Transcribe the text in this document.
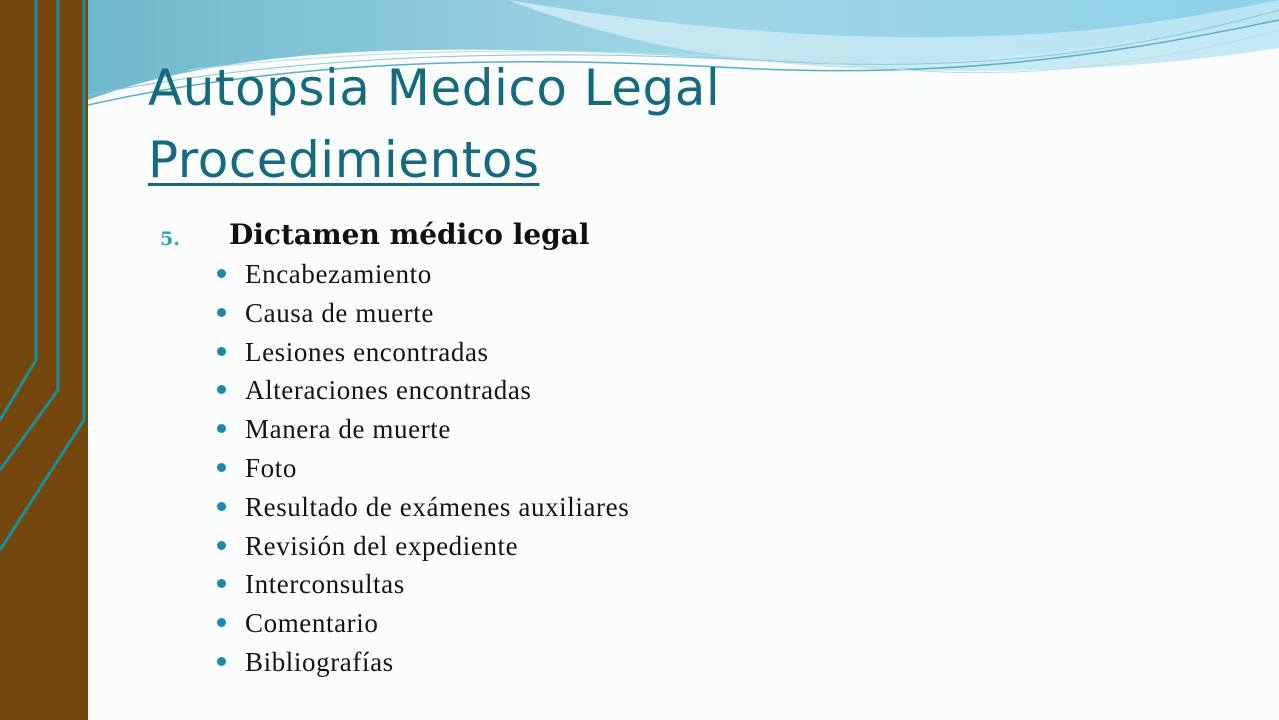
Autopsia Medico Legal
Procedimientos
5. Dictamen médico legal
Encabezamiento
Causa de muerte
Lesiones encontradas
Alteraciones encontradas
Manera de muerte
Foto
Resultado de exámenes auxiliares
Revisión del expediente
Interconsultas
Comentario
Bibliografías
